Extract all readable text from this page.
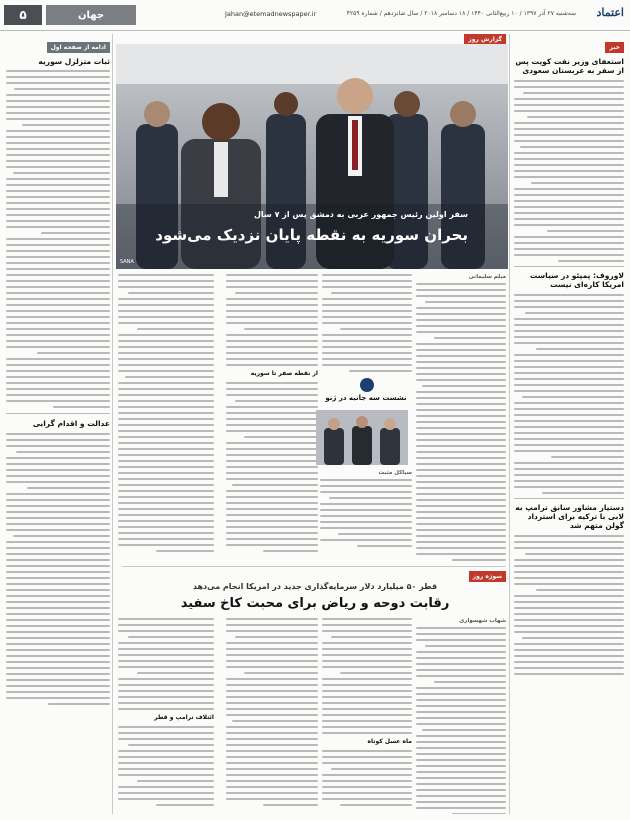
اعتماد
سه‌شنبه ۲۷ آذر ۱۳۹۷ / ۱۰ ربیع‌الثانی ۱۴۴۰ / ۱۸ دسامبر ۲۰۱۸ / سال شانزدهم / شماره ۴۲۵۹
Jahan@etemadnewspaper.ir
جهان
۵
خبر
استعفای وزیر نفت کویت پس از سفر به عربستان سعودی
لاوروف: پمپئو در سیاست امریکا کاره‌ای نیست
دستیار مشاور سابق ترامپ به لابی با ترکیه برای استرداد گولن متهم شد
ادامه از صفحه اول
ثبات متزلزل سوریه
عدالت و اقدام گرایی
گزارش روز
سفر اولین رئیس جمهور عربی به دمشق پس از ۷ سال
بحران سوریه به نقطه پایان نزدیک می‌شود
SANA
میلم سلیمانی
از نقطه صفر تا سوریه
نشست سه جانبه در ژنو
سیاکل مثبت
سوژه روز
قطر ۵۰ میلیارد دلار سرمایه‌گذاری جدید در امریکا انجام می‌دهد
رقابت دوحه و ریاض برای محبت کاخ سفید
شهاب شهسواری
ماه عسل کوتاه
ائتلاف ترامپ و قطر
